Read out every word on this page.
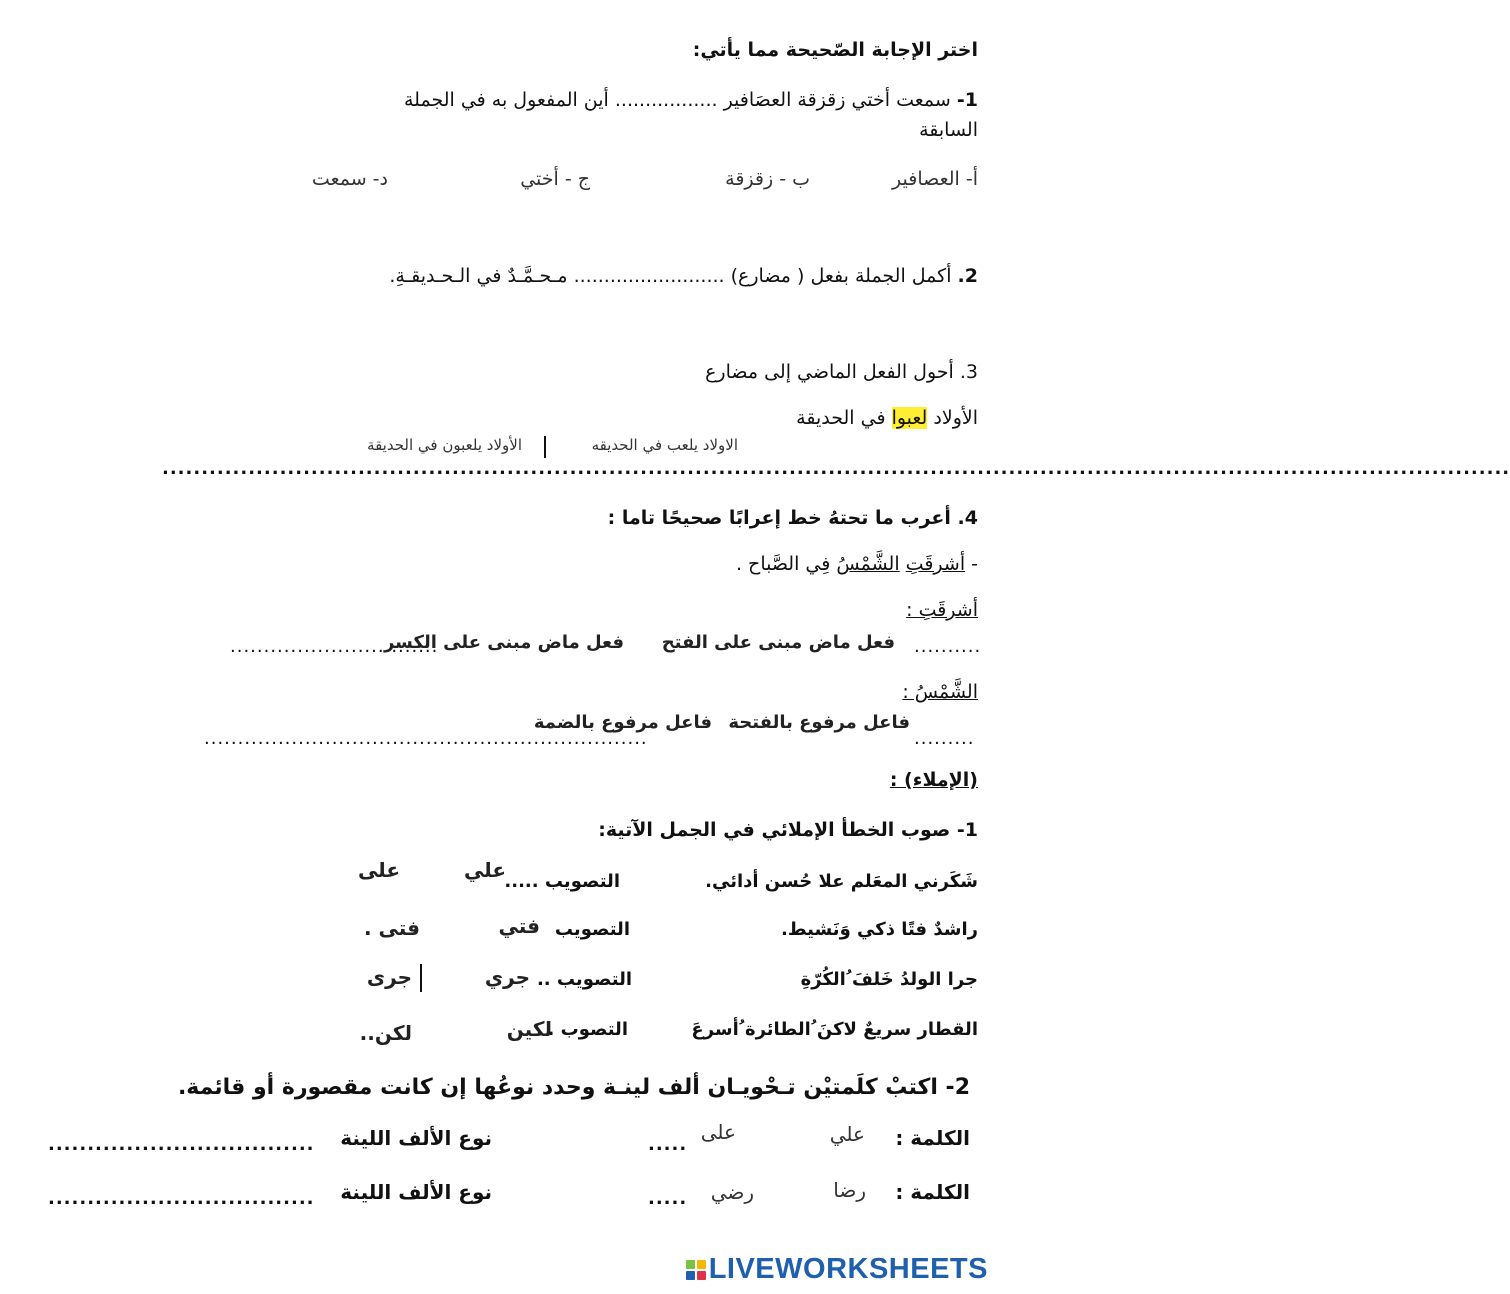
اختر الإجابة الصّحيحة مما يأتي:
1- سمعت أختي زقزقة العصَافير ................. أين المفعول به في الجملة
السابقة
أ- العصافير
ب - زقزقة
ج - أختي
د- سمعت
2. أكمل الجملة بفعل ( مضارع) ......................... مـحـمَّـدٌ في الـحـديقـةِ.
3. أحول الفعل الماضي إلى مضارع
الأولاد لعبوا في الحديقة
الاولاد يلعب في الحديقه
الأولاد يلعبون في الحديقة
............................................................................................................................................................................
4. أعرب ما تحتهُ خط إعرابًا صحيحًا تاما :
- أشرقَتِ الشَّمْسُ فِي الصَّباح .
أشرقَتِ :
...............................
فعل ماض مبنى على الكسر فعل ماض مبنى على الفتح ..........
الشَّمْسُ :
..................................................................
فاعل مرفوع بالضمة فاعل مرفوع بالفتحة
.........
(الإملاء) :
1- صوب الخطأ الإملائي في الجمل الآتية:
شَكَرني المعَلم علا حُسن أدائي.
التصويب .....
علي
على
راشدٌ فتًا ذكي وَنَشيط.
التصويب
فتي
فتى .
جرا الولدُ خَلفَ ُالكُرّةِ
التصويب ..
جري
جرى
القطار سريعٌ لاكنَ ُالطائرة ُأسرعَ
التصوب .
لكين
لكن..
2- اكتبْ كلَمتيْن تـحْويـان ألف لينـة وحدد نوعُها إن كانت مقصورة أو قائمة.
الكلمة :
.....	علي
على
نوع الألف اللينة
..................................
الكلمة :
.....	رضا
رضي
نوع الألف اللينة
..................................
LIVEWORKSHEETS
